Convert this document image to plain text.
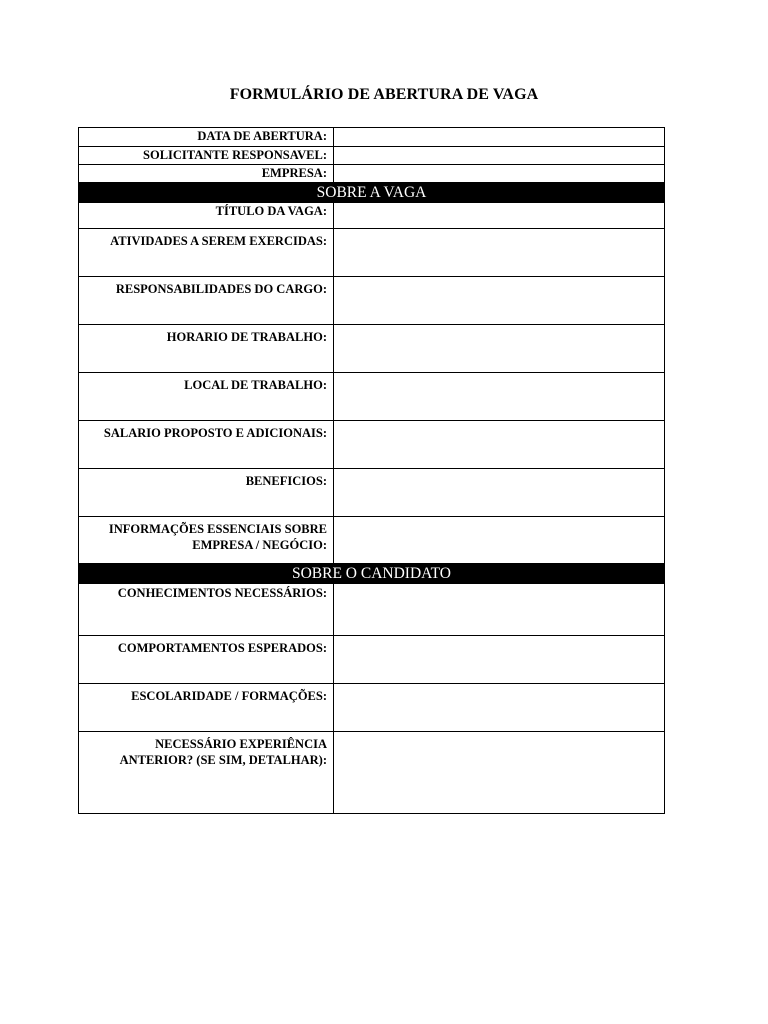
FORMULÁRIO DE ABERTURA DE VAGA
DATA DE ABERTURA:
SOLICITANTE RESPONSAVEL:
EMPRESA:
SOBRE A VAGA
TÍTULO DA VAGA:
ATIVIDADES A SEREM EXERCIDAS:
RESPONSABILIDADES DO CARGO:
HORARIO DE TRABALHO:
LOCAL DE TRABALHO:
SALARIO PROPOSTO E ADICIONAIS:
BENEFICIOS:
INFORMAÇÕES ESSENCIAIS SOBRE
EMPRESA / NEGÓCIO:
SOBRE O CANDIDATO
CONHECIMENTOS NECESSÁRIOS:
COMPORTAMENTOS ESPERADOS:
ESCOLARIDADE / FORMAÇÕES:
NECESSÁRIO EXPERIÊNCIA
ANTERIOR? (SE SIM, DETALHAR):
